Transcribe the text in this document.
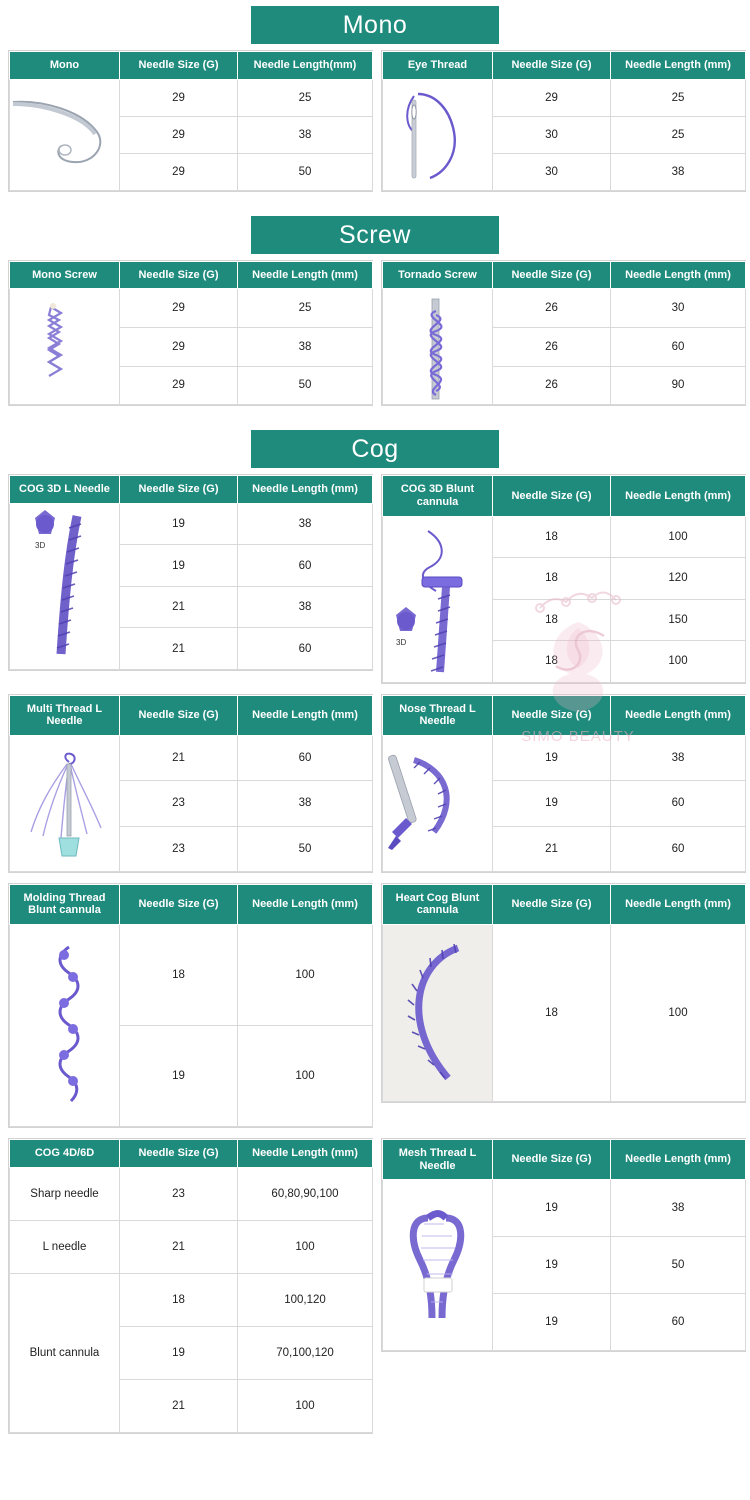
Mono
Mono	Needle Size (G)	Needle Length(mm)

	29	25
	29	38
	29	50
Eye Thread	Needle Size (G)	Needle Length (mm)

	29	25
	30	25
	30	38
Screw
Mono Screw	Needle Size (G)	Needle Length (mm)

	29	25
	29	38
	29	50
Tornado Screw	Needle Size (G)	Needle Length (mm)

	26	30
	26	60
	26	90
Cog
COG 3D L Needle	Needle Size (G)	Needle Length (mm)

3D	19	38
	19	60
	21	38
	21	60
COG 3D Blunt cannula	Needle Size (G)	Needle Length (mm)

3D	18	100
	18	120
	18	150
	18	100
Multi Thread L Needle	Needle Size (G)	Needle Length (mm)

	21	60
	23	38
	23	50
Nose Thread L Needle	Needle Size (G)	Needle Length (mm)

	19	38
	19	60
	21	60
Molding Thread Blunt cannula	Needle Size (G)	Needle Length (mm)

	18	100
	19	100
Heart Cog Blunt cannula	Needle Size (G)	Needle Length (mm)

	18	100
COG 4D/6D	Needle Size (G)	Needle Length (mm)
Sharp needle	23	60,80,90,100
L needle	21	100
Blunt cannula	18	100,120
	19	70,100,120
	21	100
Mesh Thread L Needle	Needle Size (G)	Needle Length (mm)

	19	38
	19	50
	19	60
SIMO BEAUTY
